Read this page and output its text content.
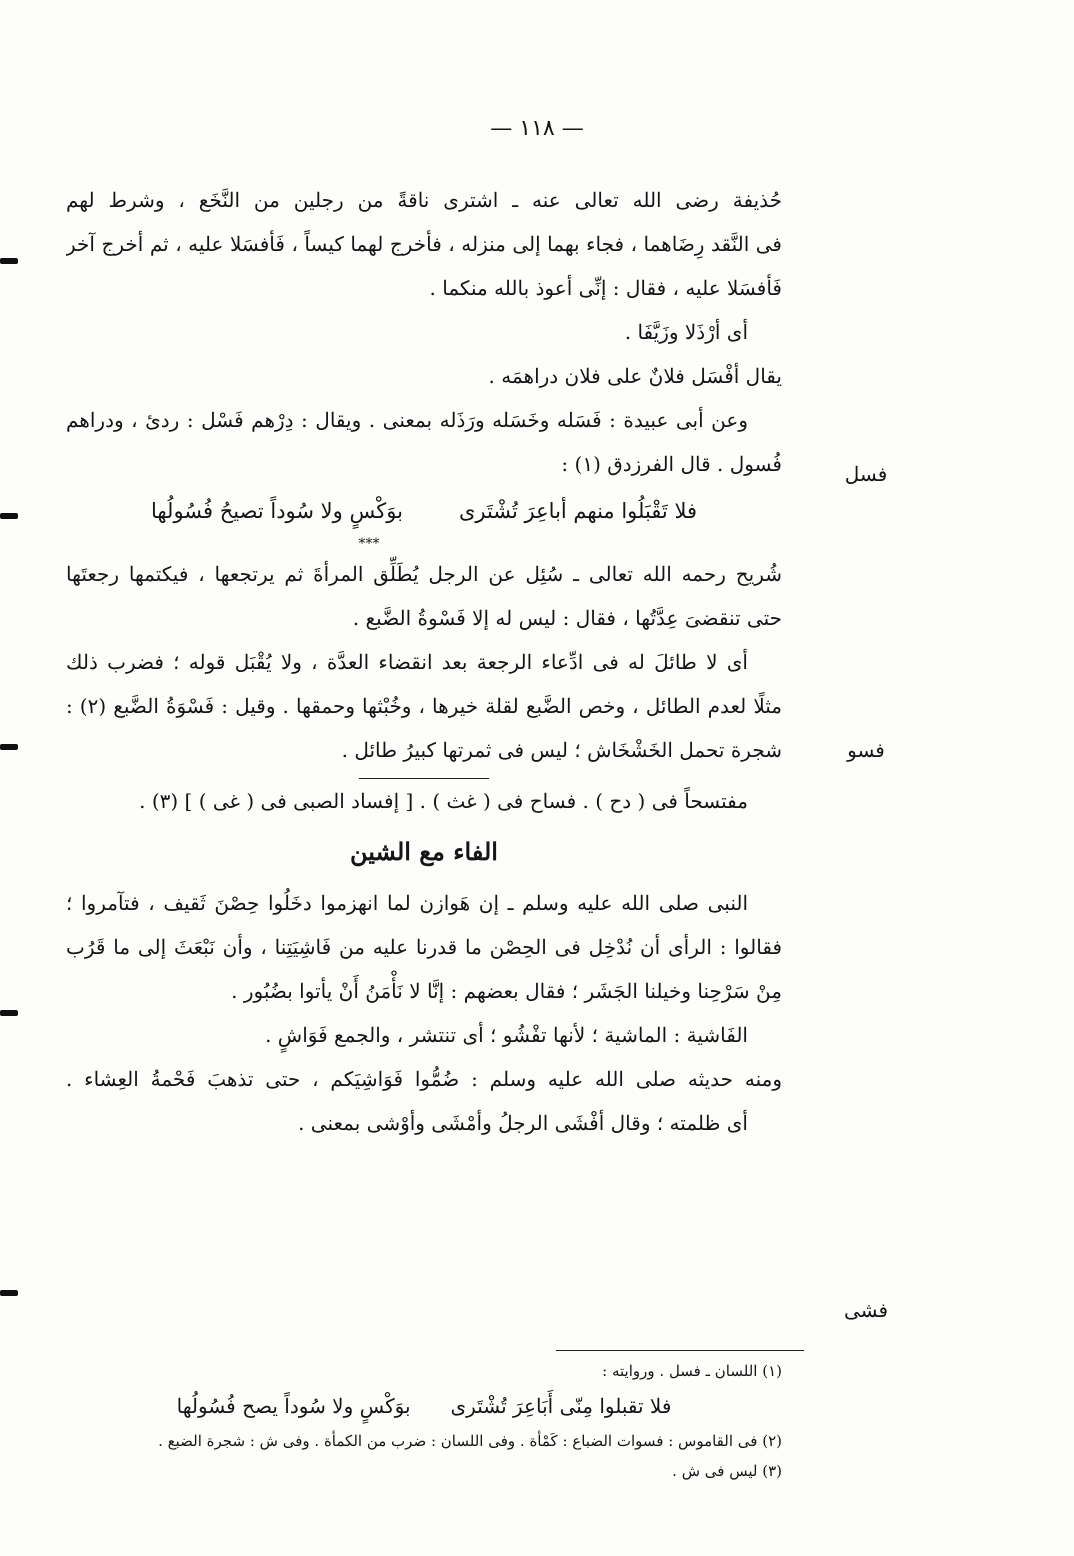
— ١١٨ —
فسل
فسو
فشى
حُذيفة رضى الله تعالى عنه ـ اشترى ناقةً من رجلين من النَّخَع ، وشرط لهم
فى النَّقد رِضَاهما ، فجاء بهما إلى منزله ، فأخرج لهما كيساً ، فَأفسَلا عليه ، ثم أخرج آخر
فَأفسَلا عليه ، فقال : إنِّى أعوذ بالله منكما .
أى أرْذَلا وزَيَّفَا .
يقال أفْسَل فلانٌ على فلان دراهمَه .
وعن أبى عبيدة : فَسَله وخَسَله ورَذَله بمعنى . ويقال : دِرْهم فَسْل : ردئ ، ودراهم
فُسول . قال الفرزدق (١) :
فلا تَقْبَلُوا منهم أباعِرَ تُشْتَرى
بوَكْسٍ ولا سُوداً تصيحُ فُسُولُها
***
شُريح رحمه الله تعالى ـ سُئِل عن الرجل يُطَلِّق المرأةَ ثم يرتجعها ، فيكتمها رجعتَها
حتى تنقضىَ عِدَّتُها ، فقال : ليس له إلا فَسْوةُ الضَّبع .
أى لا طائلَ له فى ادِّعاء الرجعة بعد انقضاء العدَّة ، ولا يُقْبَل قوله ؛ فضرب ذلك
مثلًا لعدم الطائل ، وخص الضَّبع لقلة خيرها ، وخُبْثها وحمقها . وقيل : فَسْوَةُ الضَّبع (٢) :
شجرة تحمل الخَشْخَاش ؛ ليس فى ثمرتها كبيرُ طائل .
مفتسحاً فى ( دح ) . فساح فى ( غث ) . [ إفساد الصبى فى ( غى ) ] (٣) .
الفاء مع الشين
النبى صلى الله عليه وسلم ـ إن هَوازن لما انهزموا دخَلُوا حِصْنَ ثَقيف ، فتآمروا ؛
فقالوا : الرأى أن نُدْخِل فى الحِصْن ما قدرنا عليه من فَاشِيَتِنا ، وأن نَبْعَثَ إلى ما قَرُب
مِنْ سَرْحِنا وخيلنا الجَشَر ؛ فقال بعضهم : إنَّا لا نَأْمَنُ أَنْ يأتوا بضُبُور .
الفَاشية : الماشية ؛ لأنها تفْشُو ؛ أى تنتشر ، والجمع فَوَاشٍ .
ومنه حديثه صلى الله عليه وسلم : ضُمُّوا فَوَاشِيَكم ، حتى تذهبَ فَحْمةُ العِشاء .
أى ظلمته ؛ وقال أفْشَى الرجلُ وأمْشَى وأوْشى بمعنى .
(١) اللسان ـ فسل . وروايته :
فلا تقبلوا مِنّى أَبَاعِرَ تُشْتَرى
بوَكْسٍ ولا سُوداً يصح فُسُولُها
(٢) فى القاموس : فسوات الضباع : كَمْأة . وفى اللسان : ضرب من الكمأة . وفى ش : شجرة الضبع .
(٣) ليس فى ش .
